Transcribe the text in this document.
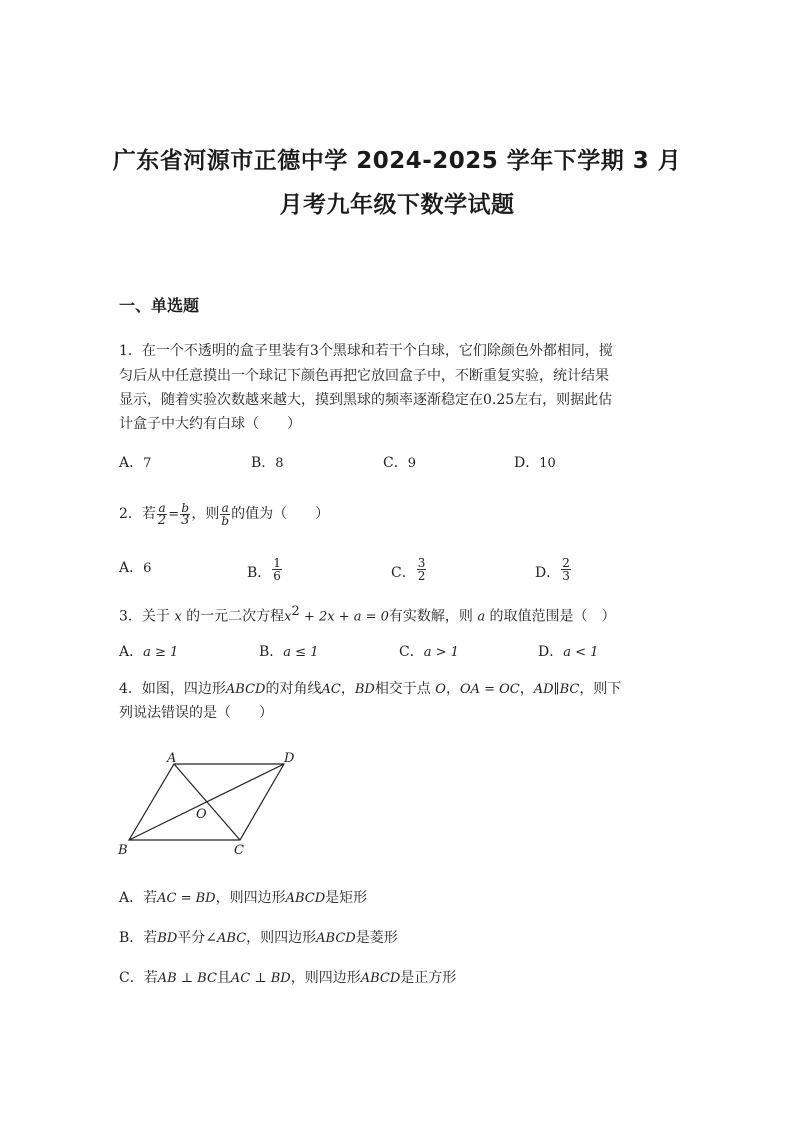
广东省河源市正德中学 2024-2025 学年下学期 3 月
月考九年级下数学试题
一、单选题
1．在一个不透明的盒子里装有3个黑球和若干个白球，它们除颜色外都相同，搅
匀后从中任意摸出一个球记下颜色再把它放回盒子中，不断重复实验，统计结果
显示，随着实验次数越来越大，摸到黑球的频率逐渐稳定在0.25左右，则据此估
计盒子中大约有白球（　　）
A．7	B．8	C．9	D．10
2．若 $\frac{a}{2} = \frac{b}{3}$ ，则 $\frac{a}{b}$ 的值为（　　）
A．6	B． $\frac{1}{6}$	C． $\frac{3}{2}$	D． $\frac{2}{3}$
3．关于 x 的一元二次方程$x^2 + 2x + a = 0$有实数解，则 a 的取值范围是（　）
A．a ≥ 1	B．a ≤ 1	C．a > 1	D．a < 1
4．如图，四边形ABCD的对角线AC，BD相交于点 O，OA = OC，AD∥BC，则下
列说法错误的是（　　）
A	D
O
B	C
A．若AC = BD，则四边形ABCD是矩形
B．若BD平分∠ABC，则四边形ABCD是菱形
C．若AB ⊥ BC且AC ⊥ BD，则四边形ABCD是正方形
